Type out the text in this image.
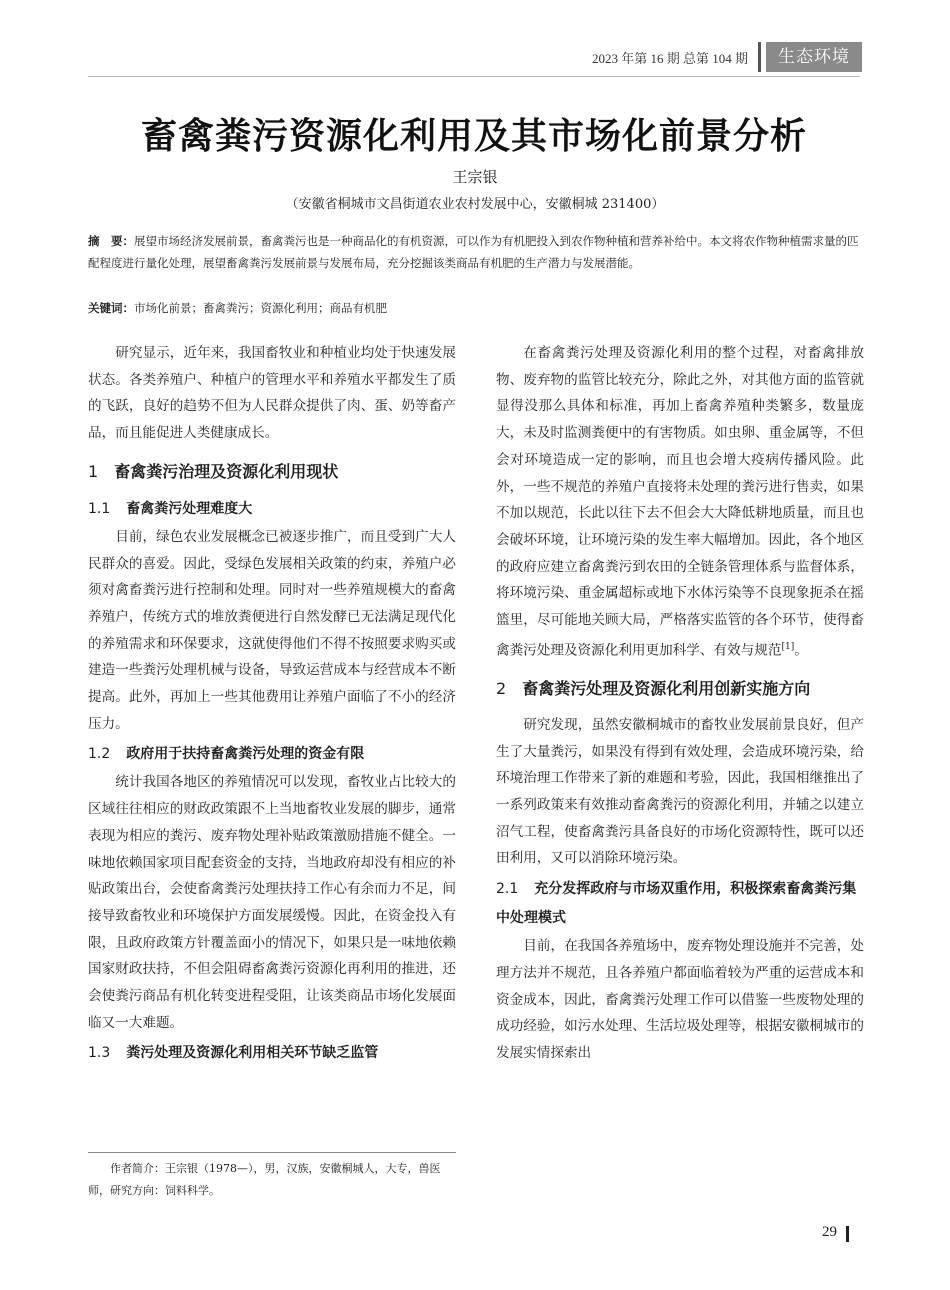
2023 年第 16 期 总第 104 期	生态环境
畜禽粪污资源化利用及其市场化前景分析
王宗银
（安徽省桐城市文昌街道农业农村发展中心，安徽桐城 231400）
摘　要：展望市场经济发展前景，畜禽粪污也是一种商品化的有机资源，可以作为有机肥投入到农作物种植和营养补给中。本文将农作物种植需求量的匹配程度进行量化处理，展望畜禽粪污发展前景与发展布局，充分挖掘该类商品有机肥的生产潜力与发展潜能。
关键词：市场化前景；畜禽粪污；资源化利用；商品有机肥

研究显示，近年来，我国畜牧业和种植业均处于快速发展状态。各类养殖户、种植户的管理水平和养殖水平都发生了质的飞跃，良好的趋势不但为人民群众提供了肉、蛋、奶等畜产品，而且能促进人类健康成长。

1 畜禽粪污治理及资源化利用现状
1.1 畜禽粪污处理难度大

目前，绿色农业发展概念已被逐步推广，而且受到广大人民群众的喜爱。因此，受绿色发展相关政策的约束，养殖户必须对禽畜粪污进行控制和处理。同时对一些养殖规模大的畜禽养殖户，传统方式的堆放粪便进行自然发酵已无法满足现代化的养殖需求和环保要求，这就使得他们不得不按照要求购买或建造一些粪污处理机械与设备，导致运营成本与经营成本不断提高。此外，再加上一些其他费用让养殖户面临了不小的经济压力。

1.2 政府用于扶持畜禽粪污处理的资金有限

统计我国各地区的养殖情况可以发现，畜牧业占比较大的区域往往相应的财政政策跟不上当地畜牧业发展的脚步，通常表现为相应的粪污、废弃物处理补贴政策激励措施不健全。一味地依赖国家项目配套资金的支持，当地政府却没有相应的补贴政策出台，会使畜禽粪污处理扶持工作心有余而力不足，间接导致畜牧业和环境保护方面发展缓慢。因此，在资金投入有限，且政府政策方针覆盖面小的情况下，如果只是一味地依赖国家财政扶持，不但会阻碍畜禽粪污资源化再利用的推进，还会使粪污商品有机化转变进程受阻，让该类商品市场化发展面临又一大难题。

1.3 粪污处理及资源化利用相关环节缺乏监管

在畜禽粪污处理及资源化利用的整个过程，对畜禽排放物、废弃物的监管比较充分，除此之外，对其他方面的监管就显得没那么具体和标准，再加上畜禽养殖种类繁多，数量庞大，未及时监测粪便中的有害物质。如虫卵、重金属等，不但会对环境造成一定的影响，而且也会增大疫病传播风险。此外，一些不规范的养殖户直接将未处理的粪污进行售卖，如果不加以规范，长此以往下去不但会大大降低耕地质量，而且也会破坏环境，让环境污染的发生率大幅增加。因此，各个地区的政府应建立畜禽粪污到农田的全链条管理体系与监督体系，将环境污染、重金属超标或地下水体污染等不良现象扼杀在摇篮里，尽可能地关顾大局，严格落实监管的各个环节，使得畜禽粪污处理及资源化利用更加科学、有效与规范[1]。

2 畜禽粪污处理及资源化利用创新实施方向

研究发现，虽然安徽桐城市的畜牧业发展前景良好，但产生了大量粪污，如果没有得到有效处理，会造成环境污染，给环境治理工作带来了新的难题和考验，因此，我国相继推出了一系列政策来有效推动畜禽粪污的资源化利用，并辅之以建立沼气工程，使畜禽粪污具备良好的市场化资源特性，既可以还田利用，又可以消除环境污染。

2.1 充分发挥政府与市场双重作用，积极探索畜禽粪污集中处理模式

目前，在我国各养殖场中，废弃物处理设施并不完善，处理方法并不规范，且各养殖户都面临着较为严重的运营成本和资金成本，因此，畜禽粪污处理工作可以借鉴一些废物处理的成功经验，如污水处理、生活垃圾处理等，根据安徽桐城市的发展实情探索出

作者简介：王宗银（1978—），男，汉族，安徽桐城人，大专，兽医师，研究方向：饲料科学。
29
